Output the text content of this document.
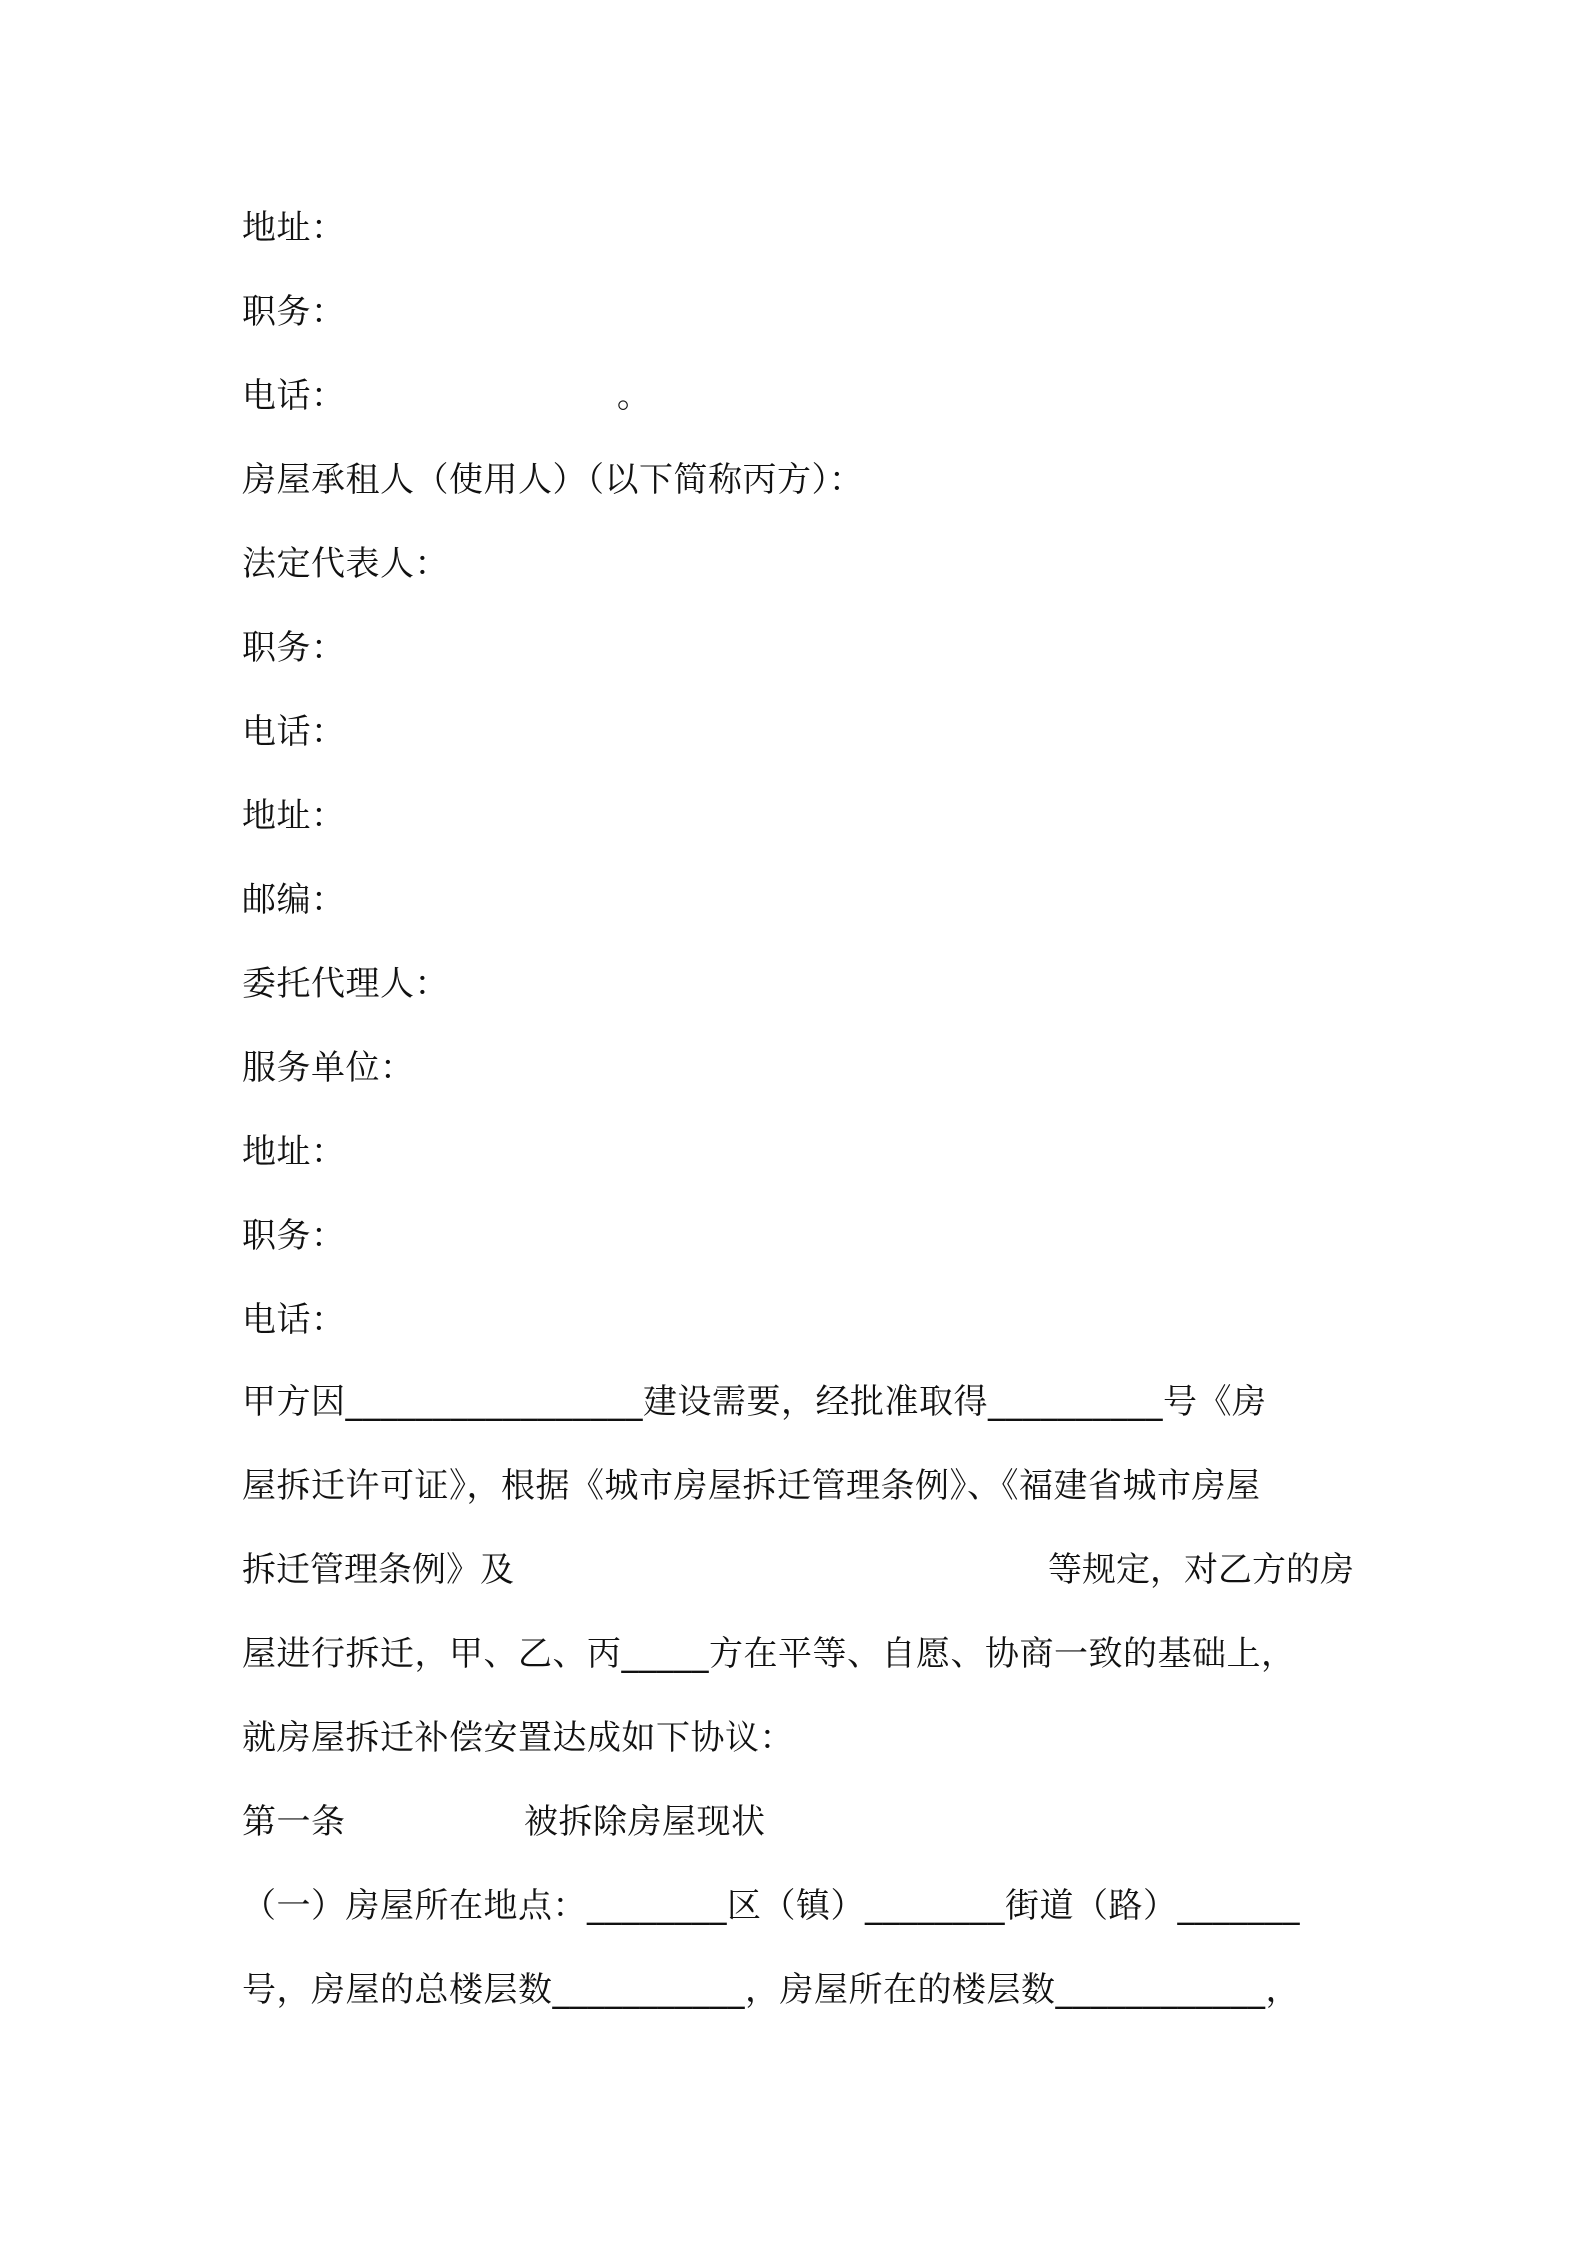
地址：
职务：
电话：                        。
房屋承租人（使用人）（以下简称丙方）：
法定代表人：
职务：
电话：
地址：
邮编：
委托代理人：
服务单位：
地址：
职务：
电话：
甲方因_________________建设需要，经批准取得__________号《房
屋拆迁许可证》，根据《城市房屋拆迁管理条例》、《福建省城市房屋
拆迁管理条例》及	等规定，对乙方的房
屋进行拆迁，甲、乙、丙_____方在平等、自愿、协商一致的基础上，
就房屋拆迁补偿安置达成如下协议：
第一条	被拆除房屋现状
（一）房屋所在地点：________区（镇）________街道（路）_______
号，房屋的总楼层数___________，房屋所在的楼层数____________，
